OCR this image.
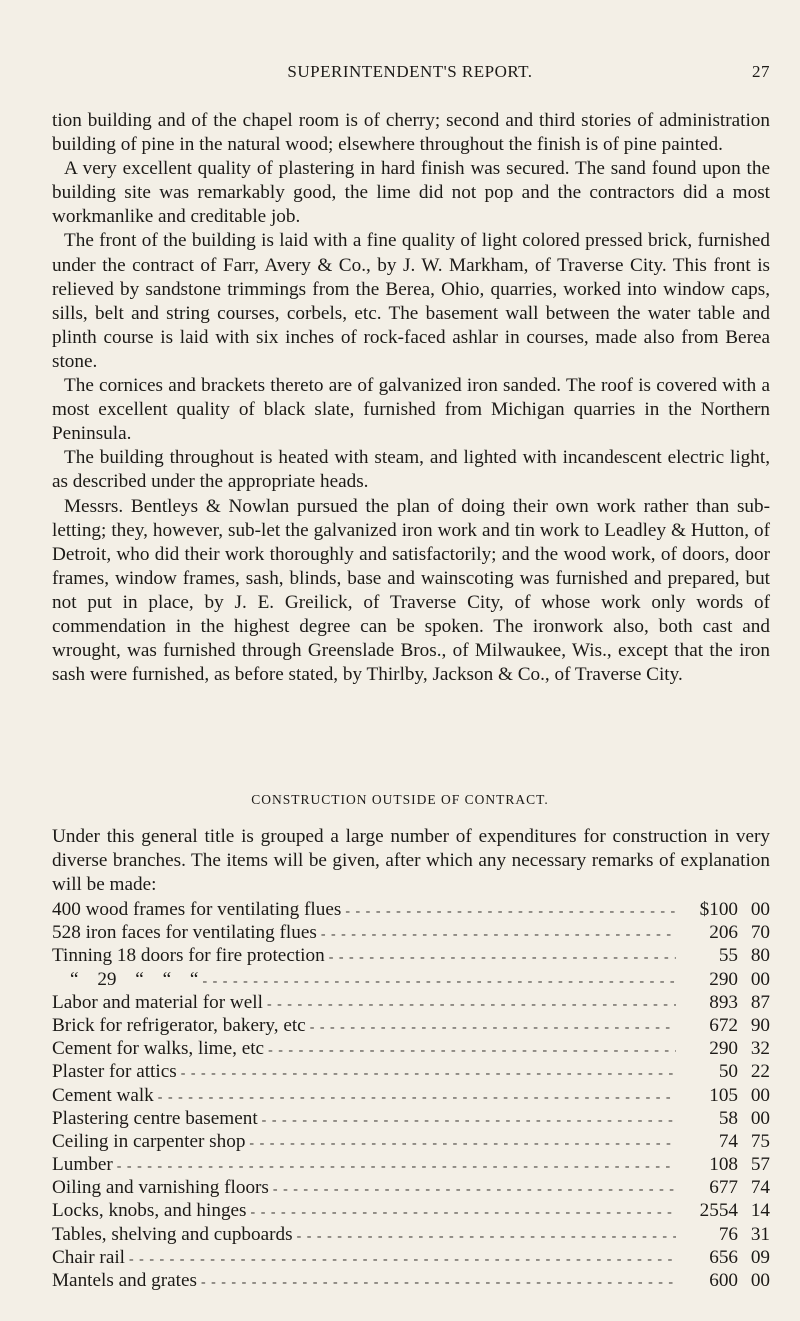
SUPERINTENDENT'S REPORT.	27

tion building and of the chapel room is of cherry; second and third stories of administration building of pine in the natural wood; elsewhere throughout the finish is of pine painted.

A very excellent quality of plastering in hard finish was secured. The sand found upon the building site was remarkably good, the lime did not pop and the contractors did a most workmanlike and creditable job.

The front of the building is laid with a fine quality of light colored pressed brick, furnished under the contract of Farr, Avery & Co., by J. W. Markham, of Traverse City. This front is relieved by sandstone trimmings from the Berea, Ohio, quarries, worked into window caps, sills, belt and string courses, corbels, etc. The basement wall between the water table and plinth course is laid with six inches of rock-faced ashlar in courses, made also from Berea stone.

The cornices and brackets thereto are of galvanized iron sanded. The roof is covered with a most excellent quality of black slate, furnished from Michigan quarries in the Northern Peninsula.

The building throughout is heated with steam, and lighted with incandescent electric light, as described under the appropriate heads.

Messrs. Bentleys & Nowlan pursued the plan of doing their own work rather than sub-letting; they, however, sub-let the galvanized iron work and tin work to Leadley & Hutton, of Detroit, who did their work thoroughly and satisfactorily; and the wood work, of doors, door frames, window frames, sash, blinds, base and wainscoting was furnished and prepared, but not put in place, by J. E. Greilick, of Traverse City, of whose work only words of commendation in the highest degree can be spoken. The ironwork also, both cast and wrought, was furnished through Greenslade Bros., of Milwaukee, Wis., except that the iron sash were furnished, as before stated, by Thirlby, Jackson & Co., of Traverse City.

CONSTRUCTION OUTSIDE OF CONTRACT.
Under this general title is grouped a large number of expenditures for construction in very diverse branches. The items will be given, after which any necessary remarks of explanation will be made:
400 wood frames for ventilating flues - - -	$100 00
528 iron faces for ventilating flues - - -	206 70
Tinning 18 doors for fire protection - - -	55 80
“ 29 “ “ “ - - -	290 00
Labor and material for well - - -	893 87
Brick for refrigerator, bakery, etc - - -	672 90
Cement for walks, lime, etc - - -	290 32
Plaster for attics - - -	50 22
Cement walk - - -	105 00
Plastering centre basement - - -	58 00
Ceiling in carpenter shop - - -	74 75
Lumber - - -	108 57
Oiling and varnishing floors - - -	677 74
Locks, knobs, and hinges - - -	2554 14
Tables, shelving and cupboards - - -	76 31
Chair rail - - -	656 09
Mantels and grates - - -	600 00
